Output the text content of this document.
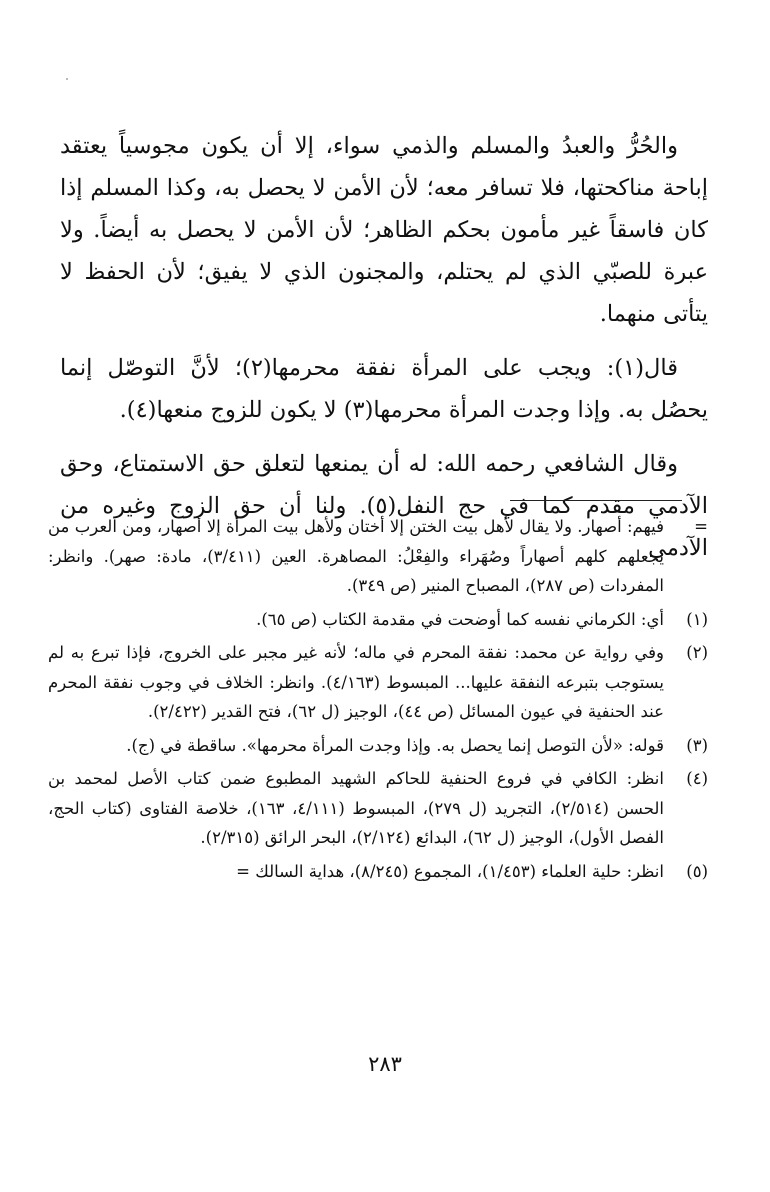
والحُرُّ والعبدُ والمسلم والذمي سواء، إلا أن يكون مجوسياً يعتقد إباحة مناكحتها، فلا تسافر معه؛ لأن الأمن لا يحصل به، وكذا المسلم إذا كان فاسقاً غير مأمون بحكم الظاهر؛ لأن الأمن لا يحصل به أيضاً. ولا عبرة للصبّي الذي لم يحتلم، والمجنون الذي لا يفيق؛ لأن الحفظ لا يتأتى منهما.

قال(١): ويجب على المرأة نفقة محرمها(٢)؛ لأنَّ التوصّل إنما يحصُل به. وإذا وجدت المرأة محرمها(٣) لا يكون للزوج منعها(٤).

وقال الشافعي رحمه الله: له أن يمنعها لتعلق حق الاستمتاع، وحق الآدمي مقدم كما في حج النفل(٥). ولنا أن حق الزوج وغيره من الآدمي

=
فيهم: أصهار. ولا يقال لأهل بيت الختن إلا أختان ولأهل بيت المرأة إلا أصهار، ومن العرب من يجعلهم كلهم أصهاراً وصُهَراء والفِعْلُ: المصاهرة. العين (٣/٤١١)، مادة: صهر). وانظر: المفردات (ص ٢٨٧)، المصباح المنير (ص ٣٤٩).
(١)
أي: الكرماني نفسه كما أوضحت في مقدمة الكتاب (ص ٦٥).
(٢)
وفي رواية عن محمد: نفقة المحرم في ماله؛ لأنه غير مجبر على الخروج، فإذا تبرع به لم يستوجب بتبرعه النفقة عليها... المبسوط (٤/١٦٣). وانظر: الخلاف في وجوب نفقة المحرم عند الحنفية في عيون المسائل (ص ٤٤)، الوجيز (ل ٦٢)، فتح القدير (٢/٤٢٢).
(٣)
قوله: «لأن التوصل إنما يحصل به. وإذا وجدت المرأة محرمها». ساقطة في (ج).
(٤)
انظر: الكافي في فروع الحنفية للحاكم الشهيد المطبوع ضمن كتاب الأصل لمحمد بن الحسن (٢/٥١٤)، التجريد (ل ٢٧٩)، المبسوط (٤/١١١، ١٦٣)، خلاصة الفتاوى (كتاب الحج، الفصل الأول)، الوجيز (ل ٦٢)، البدائع (٢/١٢٤)، البحر الرائق (٢/٣١٥).
(٥)
انظر: حلية العلماء (١/٤٥٣)، المجموع (٨/٢٤٥)، هداية السالك =
٢٨٣
